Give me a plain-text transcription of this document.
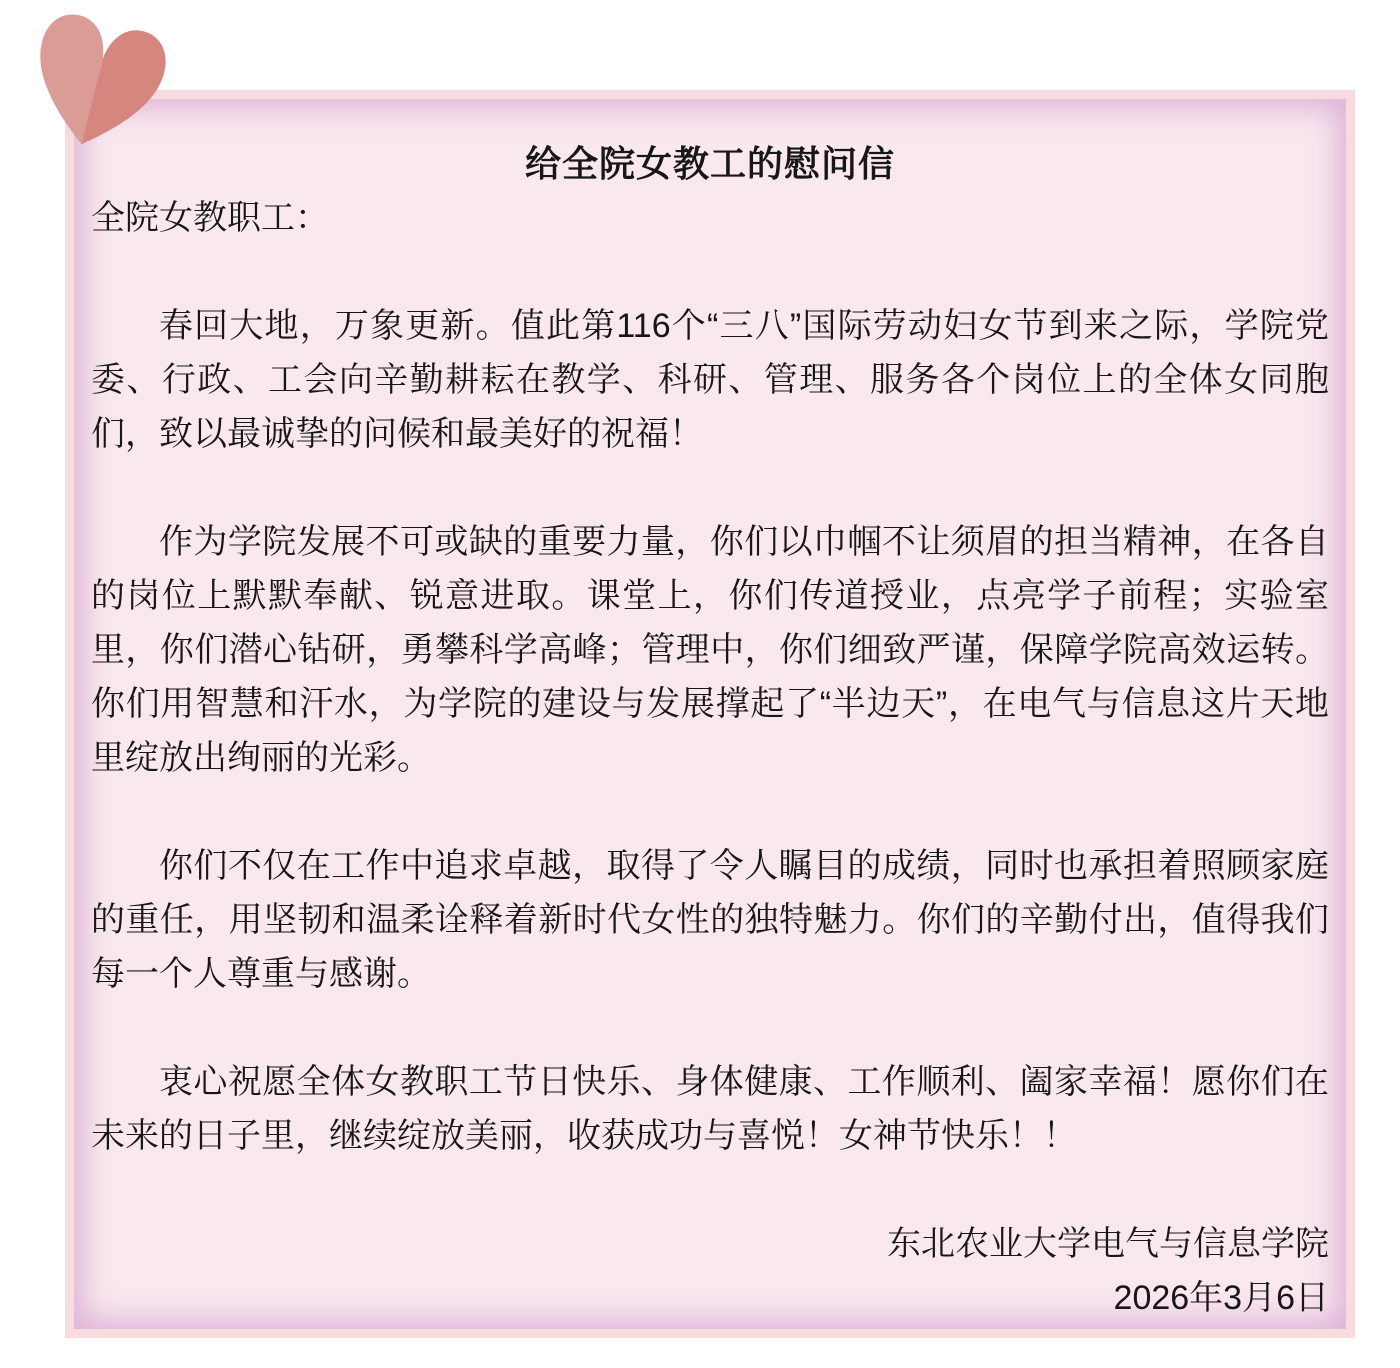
给全院女教工的慰问信
全院女教职工：

春回大地，万象更新。值此第116个“三八”国际劳动妇女节到来之际，学院党委、行政、工会向辛勤耕耘在教学、科研、管理、服务各个岗位上的全体女同胞们，致以最诚挚的问候和最美好的祝福！

作为学院发展不可或缺的重要力量，你们以巾帼不让须眉的担当精神，在各自的岗位上默默奉献、锐意进取。课堂上，你们传道授业，点亮学子前程；实验室里，你们潜心钻研，勇攀科学高峰；管理中，你们细致严谨，保障学院高效运转。你们用智慧和汗水，为学院的建设与发展撑起了“半边天”，在电气与信息这片天地里绽放出绚丽的光彩。

你们不仅在工作中追求卓越，取得了令人瞩目的成绩，同时也承担着照顾家庭的重任，用坚韧和温柔诠释着新时代女性的独特魅力。你们的辛勤付出，值得我们每一个人尊重与感谢。

衷心祝愿全体女教职工节日快乐、身体健康、工作顺利、阖家幸福！愿你们在未来的日子里，继续绽放美丽，收获成功与喜悦！女神节快乐！！

东北农业大学电气与信息学院
2026年3月6日
